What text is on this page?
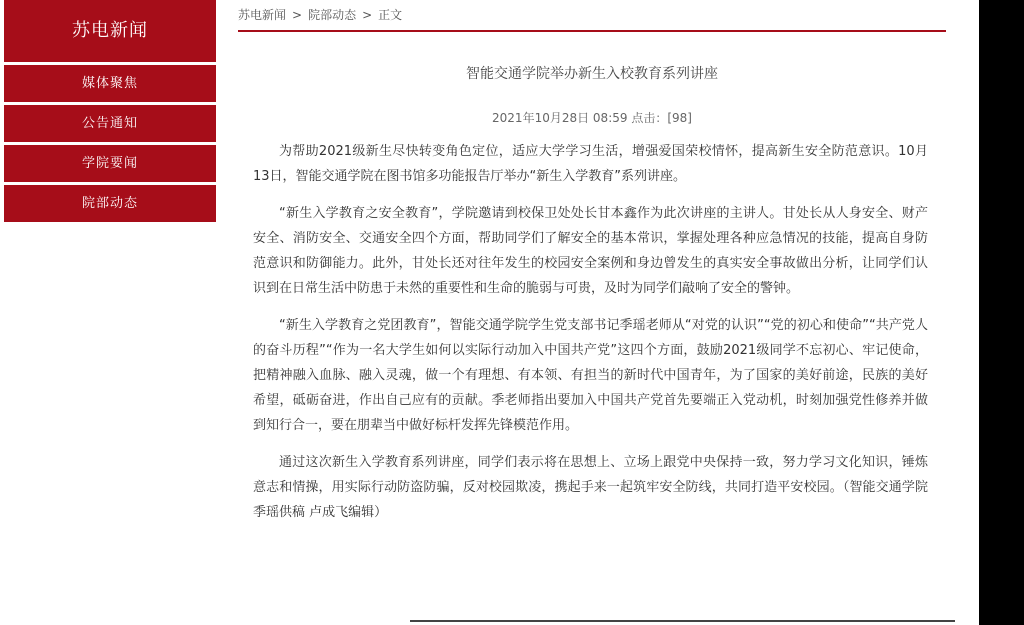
苏电新闻
媒体聚焦
公告通知
学院要闻
院部动态
苏电新闻 > 院部动态 > 正文
智能交通学院举办新生入校教育系列讲座
2021年10月28日 08:59 点击：[98]

为帮助2021级新生尽快转变角色定位，适应大学学习生活，增强爱国荣校情怀，提高新生安全防范意识。10月13日，智能交通学院在图书馆多功能报告厅举办“新生入学教育”系列讲座。

“新生入学教育之安全教育”，学院邀请到校保卫处处长甘本鑫作为此次讲座的主讲人。甘处长从人身安全、财产安全、消防安全、交通安全四个方面，帮助同学们了解安全的基本常识，掌握处理各种应急情况的技能，提高自身防范意识和防御能力。此外，甘处长还对往年发生的校园安全案例和身边曾发生的真实安全事故做出分析，让同学们认识到在日常生活中防患于未然的重要性和生命的脆弱与可贵，及时为同学们敲响了安全的警钟。

“新生入学教育之党团教育”，智能交通学院学生党支部书记季瑶老师从“对党的认识”“党的初心和使命”“共产党人的奋斗历程”“作为一名大学生如何以实际行动加入中国共产党”这四个方面，鼓励2021级同学不忘初心、牢记使命，把精神融入血脉、融入灵魂，做一个有理想、有本领、有担当的新时代中国青年，为了国家的美好前途，民族的美好希望，砥砺奋进，作出自己应有的贡献。季老师指出要加入中国共产党首先要端正入党动机，时刻加强党性修养并做到知行合一，要在朋辈当中做好标杆发挥先锋模范作用。

通过这次新生入学教育系列讲座，同学们表示将在思想上、立场上跟党中央保持一致，努力学习文化知识，锤炼意志和情操，用实际行动防盗防骗，反对校园欺凌，携起手来一起筑牢安全防线，共同打造平安校园。（智能交通学院季瑶供稿 卢成飞编辑）
